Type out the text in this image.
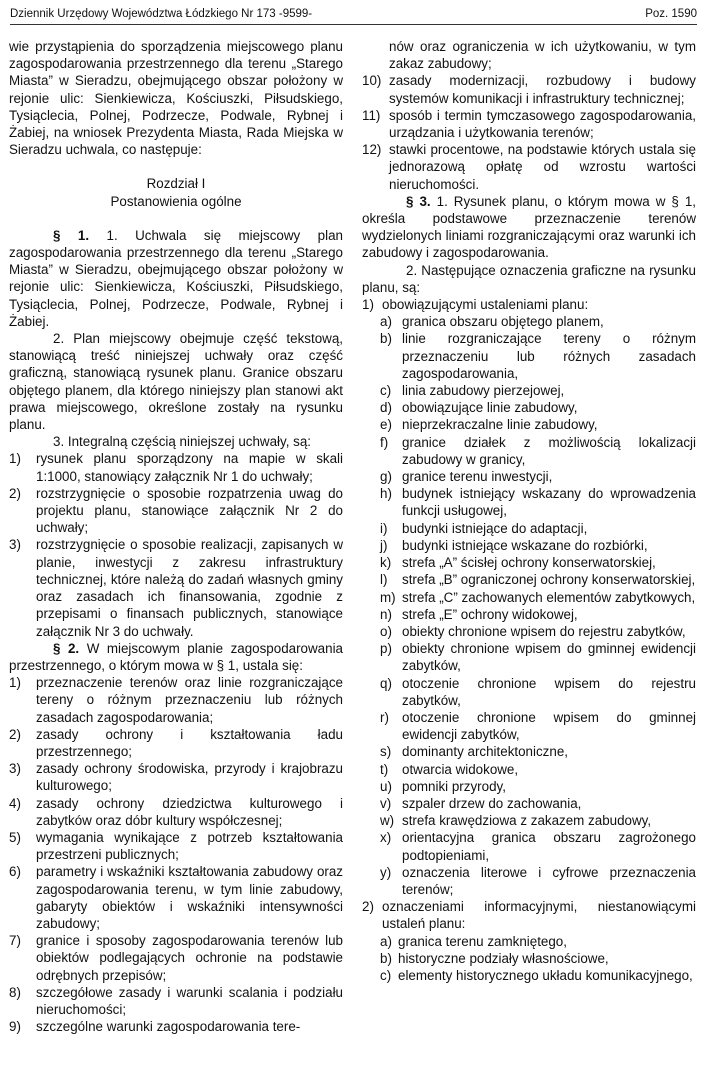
Dziennik Urzędowy Województwa Łódzkiego Nr 173 -9599-	Poz. 1590

wie przystąpienia do sporządzenia miejscowego planu zagospodarowania przestrzennego dla terenu „Starego Miasta” w Sieradzu, obejmującego obszar położony w rejonie ulic: Sienkiewicza, Kościuszki, Piłsudskiego, Tysiąclecia, Polnej, Podrzecze, Podwale, Rybnej i Żabiej, na wniosek Prezydenta Miasta, Rada Miejska w Sieradzu uchwala, co następuje:

Rozdział I
Postanowienia ogólne

§ 1. 1. Uchwala się miejscowy plan zagospodarowania przestrzennego dla terenu „Starego Miasta” w Sieradzu, obejmującego obszar położony w rejonie ulic: Sienkiewicza, Kościuszki, Piłsudskiego, Tysiąclecia, Polnej, Podrzecze, Podwale, Rybnej i Żabiej.

2. Plan miejscowy obejmuje część tekstową, stanowiącą treść niniejszej uchwały oraz część graficzną, stanowiącą rysunek planu. Granice obszaru objętego planem, dla którego niniejszy plan stanowi akt prawa miejscowego, określone zostały na rysunku planu.

3. Integralną częścią niniejszej uchwały, są:

1) rysunek planu sporządzony na mapie w skali 1:1000, stanowiący załącznik Nr 1 do uchwały;
2) rozstrzygnięcie o sposobie rozpatrzenia uwag do projektu planu, stanowiące załącznik Nr 2 do uchwały;
3) rozstrzygnięcie o sposobie realizacji, zapisanych w planie, inwestycji z zakresu infrastruktury technicznej, które należą do zadań własnych gminy oraz zasadach ich finansowania, zgodnie z przepisami o finansach publicznych, stanowiące załącznik Nr 3 do uchwały.

§ 2. W miejscowym planie zagospodarowania przestrzennego, o którym mowa w § 1, ustala się:

1) przeznaczenie terenów oraz linie rozgraniczające tereny o różnym przeznaczeniu lub różnych zasadach zagospodarowania;
2) zasady ochrony i kształtowania ładu przestrzennego;
3) zasady ochrony środowiska, przyrody i krajobrazu kulturowego;
4) zasady ochrony dziedzictwa kulturowego i zabytków oraz dóbr kultury współczesnej;
5) wymagania wynikające z potrzeb kształtowania przestrzeni publicznych;
6) parametry i wskaźniki kształtowania zabudowy oraz zagospodarowania terenu, w tym linie zabudowy, gabaryty obiektów i wskaźniki intensywności zabudowy;
7) granice i sposoby zagospodarowania terenów lub obiektów podlegających ochronie na podstawie odrębnych przepisów;
8) szczegółowe zasady i warunki scalania i podziału nieruchomości;
9) szczególne warunki zagospodarowania tere-
nów oraz ograniczenia w ich użytkowaniu, w tym zakaz zabudowy;
10) zasady modernizacji, rozbudowy i budowy systemów komunikacji i infrastruktury technicznej;
11) sposób i termin tymczasowego zagospodarowania, urządzania i użytkowania terenów;
12) stawki procentowe, na podstawie których ustala się jednorazową opłatę od wzrostu wartości nieruchomości.

§ 3. 1. Rysunek planu, o którym mowa w § 1, określa podstawowe przeznaczenie terenów wydzielonych liniami rozgraniczającymi oraz warunki ich zabudowy i zagospodarowania.

2. Następujące oznaczenia graficzne na rysunku planu, są:

1) obowiązującymi ustaleniami planu:
a) granica obszaru objętego planem,
b) linie rozgraniczające tereny o różnym przeznaczeniu lub różnych zasadach zagospodarowania,
c) linia zabudowy pierzejowej,
d) obowiązujące linie zabudowy,
e) nieprzekraczalne linie zabudowy,
f) granice działek z możliwością lokalizacji zabudowy w granicy,
g) granice terenu inwestycji,
h) budynek istniejący wskazany do wprowadzenia funkcji usługowej,
i) budynki istniejące do adaptacji,
j) budynki istniejące wskazane do rozbiórki,
k) strefa „A” ścisłej ochrony konserwatorskiej,
l) strefa „B” ograniczonej ochrony konserwatorskiej,
m) strefa „C” zachowanych elementów zabytkowych,
n) strefa „E” ochrony widokowej,
o) obiekty chronione wpisem do rejestru zabytków,
p) obiekty chronione wpisem do gminnej ewidencji zabytków,
q) otoczenie chronione wpisem do rejestru zabytków,
r) otoczenie chronione wpisem do gminnej ewidencji zabytków,
s) dominanty architektoniczne,
t) otwarcia widokowe,
u) pomniki przyrody,
v) szpaler drzew do zachowania,
w) strefa krawędziowa z zakazem zabudowy,
x) orientacyjna granica obszaru zagrożonego podtopieniami,
y) oznaczenia literowe i cyfrowe przeznaczenia terenów;
2) oznaczeniami informacyjnymi, niestanowiącymi ustaleń planu:
a) granica terenu zamkniętego,
b) historyczne podziały własnościowe,
c) elementy historycznego układu komunikacyjnego,
